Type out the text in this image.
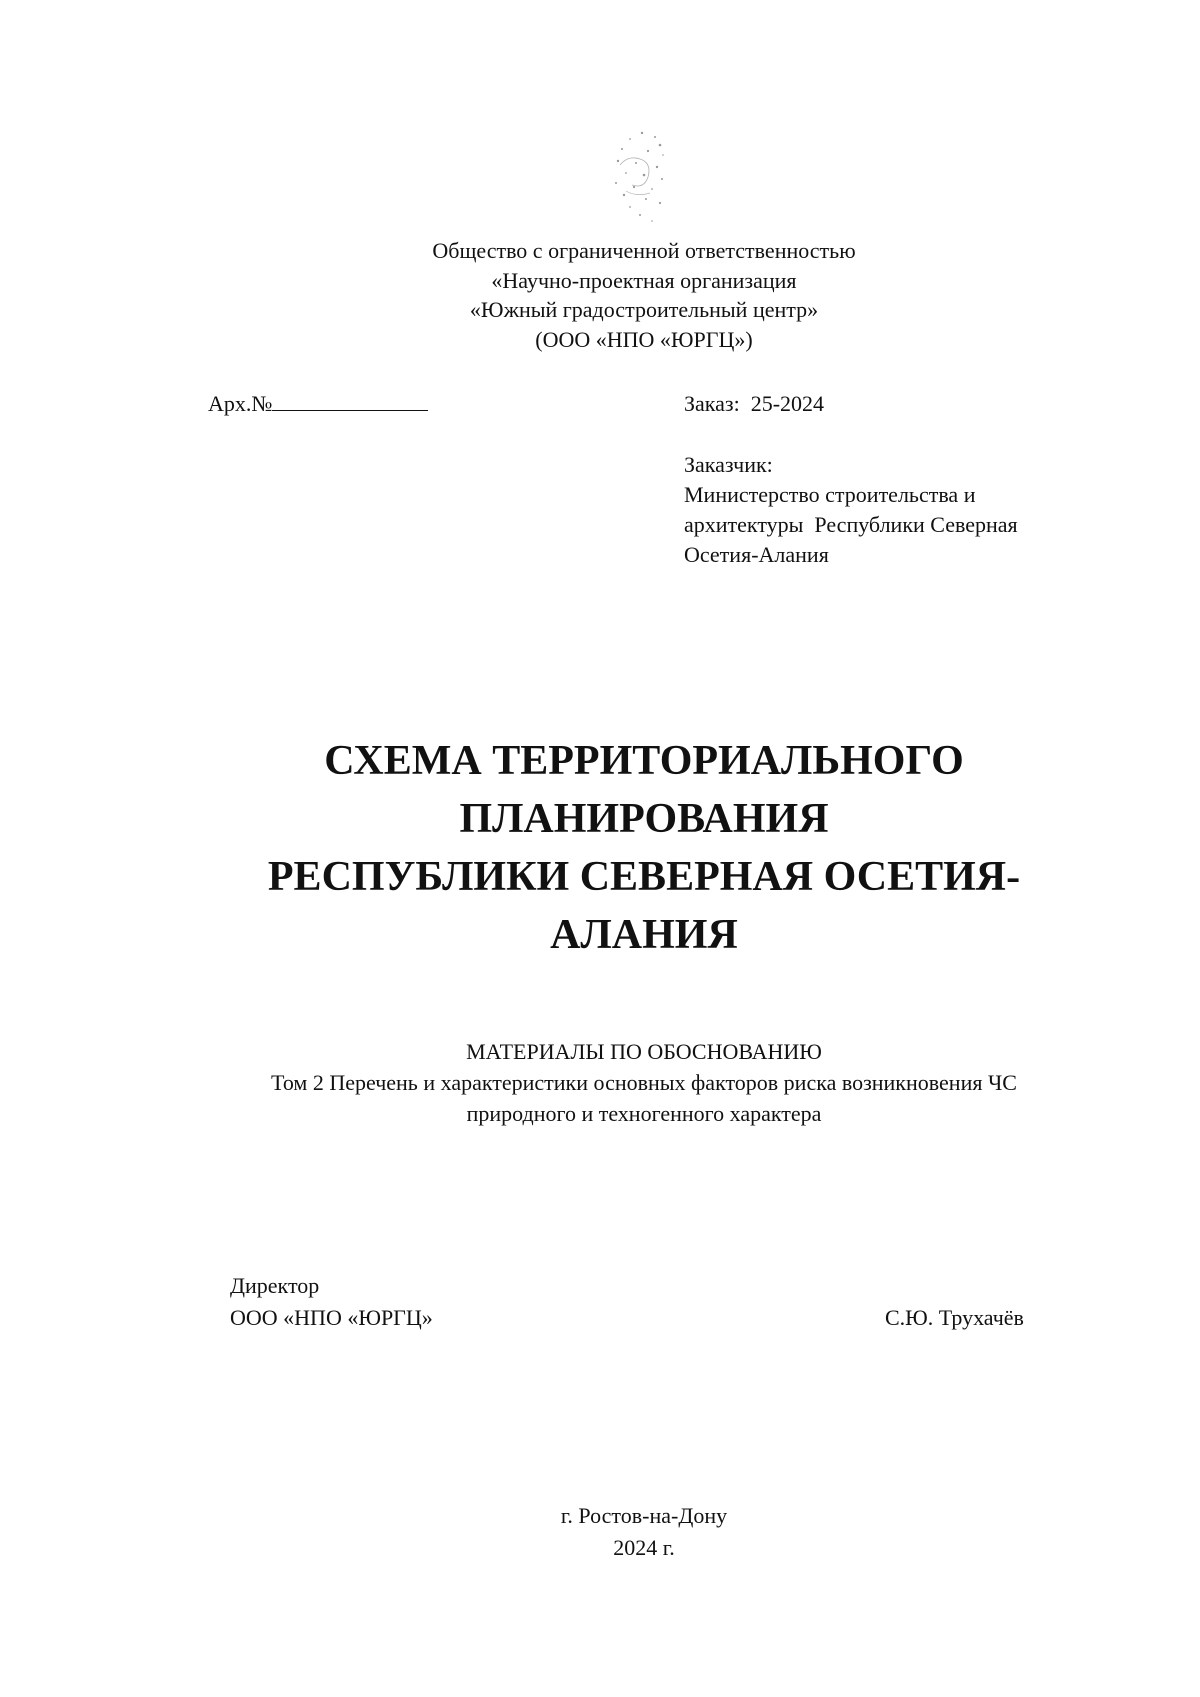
Общество с ограниченной ответственностью
«Научно-проектная организация
«Южный градостроительный центр»
(ООО «НПО «ЮРГЦ»)
Арх.№	Заказ: 25-2024
Заказчик:
Министерство строительства и
архитектуры  Республики Северная
Осетия-Алания
СХЕМА ТЕРРИТОРИАЛЬНОГО
ПЛАНИРОВАНИЯ
РЕСПУБЛИКИ СЕВЕРНАЯ ОСЕТИЯ-
АЛАНИЯ
МАТЕРИАЛЫ ПО ОБОСНОВАНИЮ
Том 2 Перечень и характеристики основных факторов риска возникновения ЧС
природного и техногенного характера
Директор
ООО «НПО «ЮРГЦ»	С.Ю. Трухачёв
г. Ростов-на-Дону
2024 г.
